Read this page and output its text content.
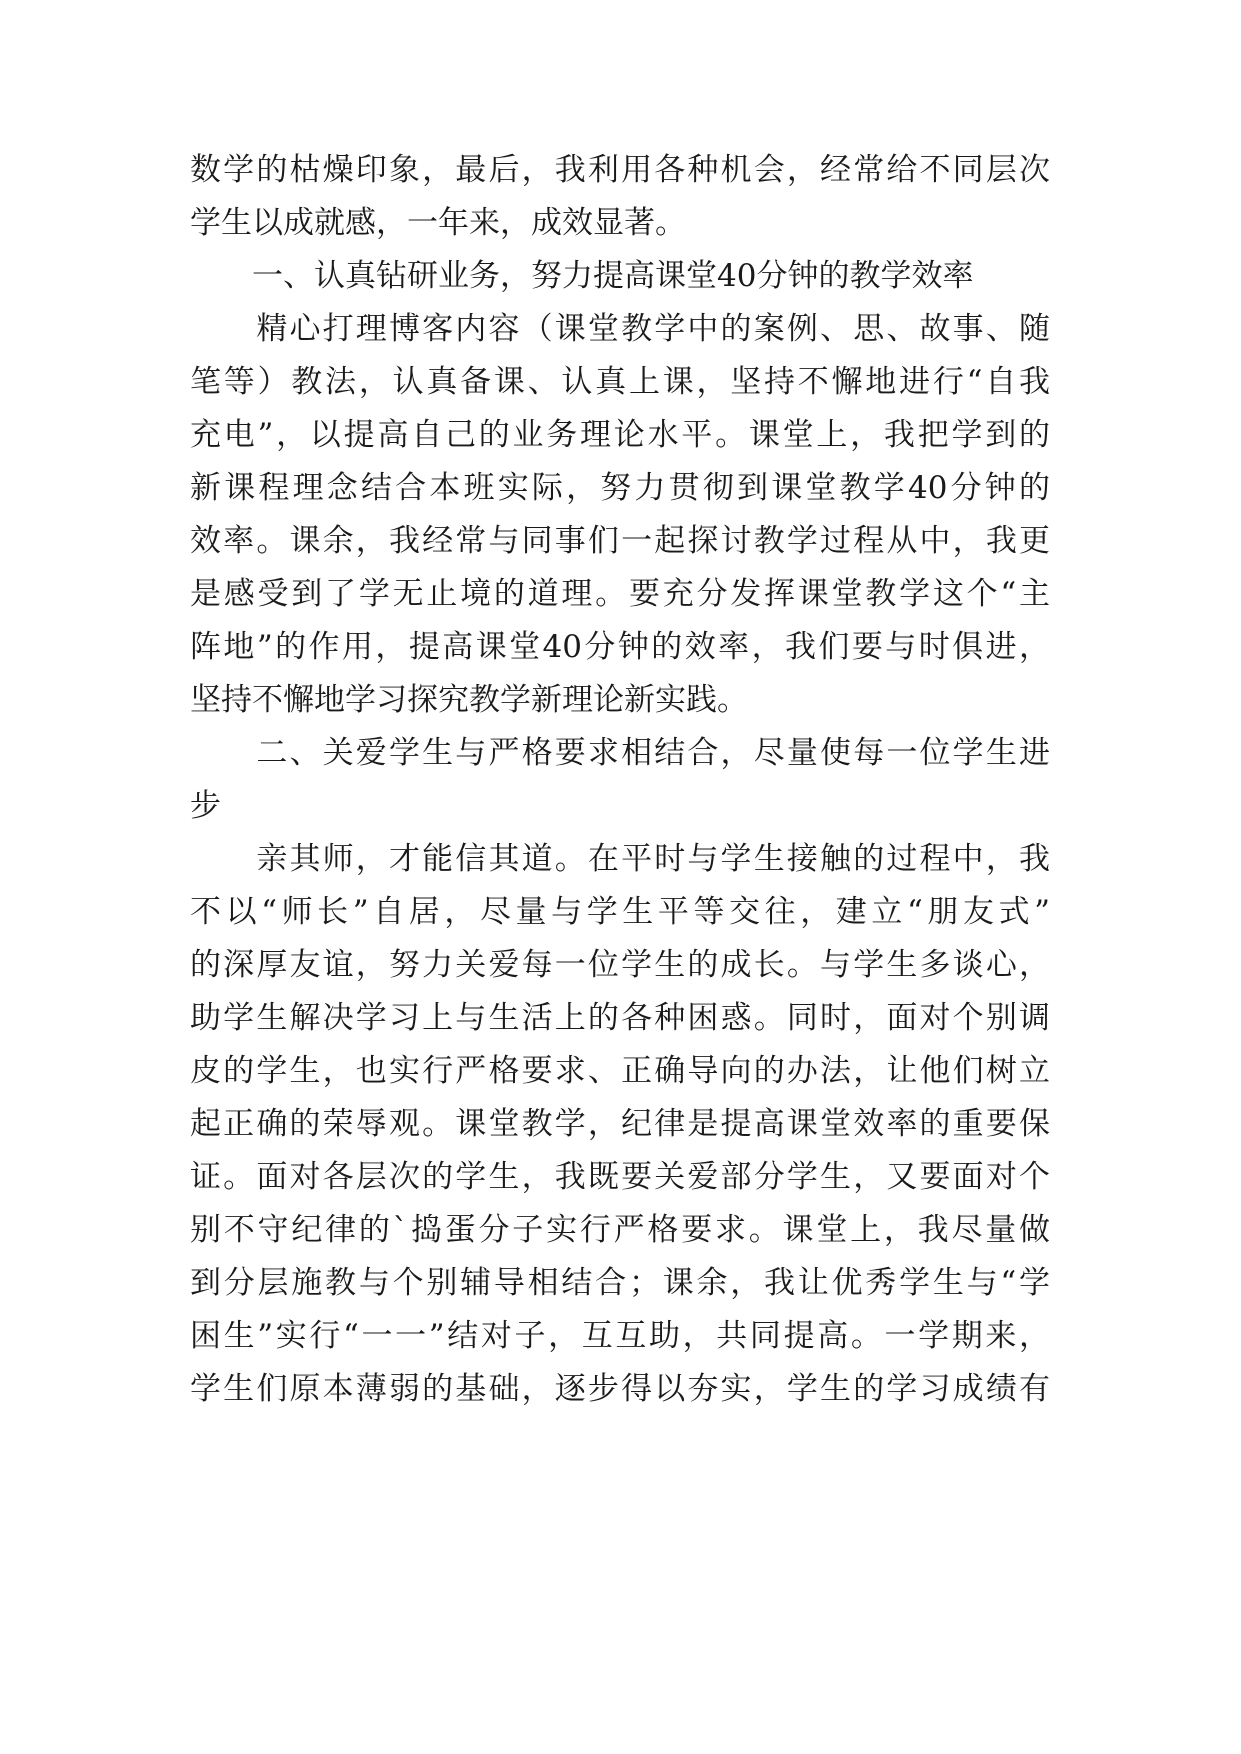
数学的枯燥印象，最后，我利用各种机会，经常给不同层次
学生以成就感，一年来，成效显著。
　　一、认真钻研业务，努力提高课堂40分钟的教学效率
　　精心打理博客内容（课堂教学中的案例、思、故事、随
笔等）教法，认真备课、认真上课，坚持不懈地进行“自我
充电”，以提高自己的业务理论水平。课堂上，我把学到的
新课程理念结合本班实际，努力贯彻到课堂教学40分钟的
效率。课余，我经常与同事们一起探讨教学过程从中，我更
是感受到了学无止境的道理。要充分发挥课堂教学这个“主
阵地”的作用，提高课堂40分钟的效率，我们要与时俱进，
坚持不懈地学习探究教学新理论新实践。
　　二、关爱学生与严格要求相结合，尽量使每一位学生进
步
　　亲其师，才能信其道。在平时与学生接触的过程中，我
不以“师长”自居，尽量与学生平等交往，建立“朋友式”
的深厚友谊，努力关爱每一位学生的成长。与学生多谈心，
助学生解决学习上与生活上的各种困惑。同时，面对个别调
皮的学生，也实行严格要求、正确导向的办法，让他们树立
起正确的荣辱观。课堂教学，纪律是提高课堂效率的重要保
证。面对各层次的学生，我既要关爱部分学生，又要面对个
别不守纪律的`捣蛋分子实行严格要求。课堂上，我尽量做
到分层施教与个别辅导相结合；课余，我让优秀学生与“学
困生”实行“一一”结对子，互互助，共同提高。一学期来，
学生们原本薄弱的基础，逐步得以夯实，学生的学习成绩有
